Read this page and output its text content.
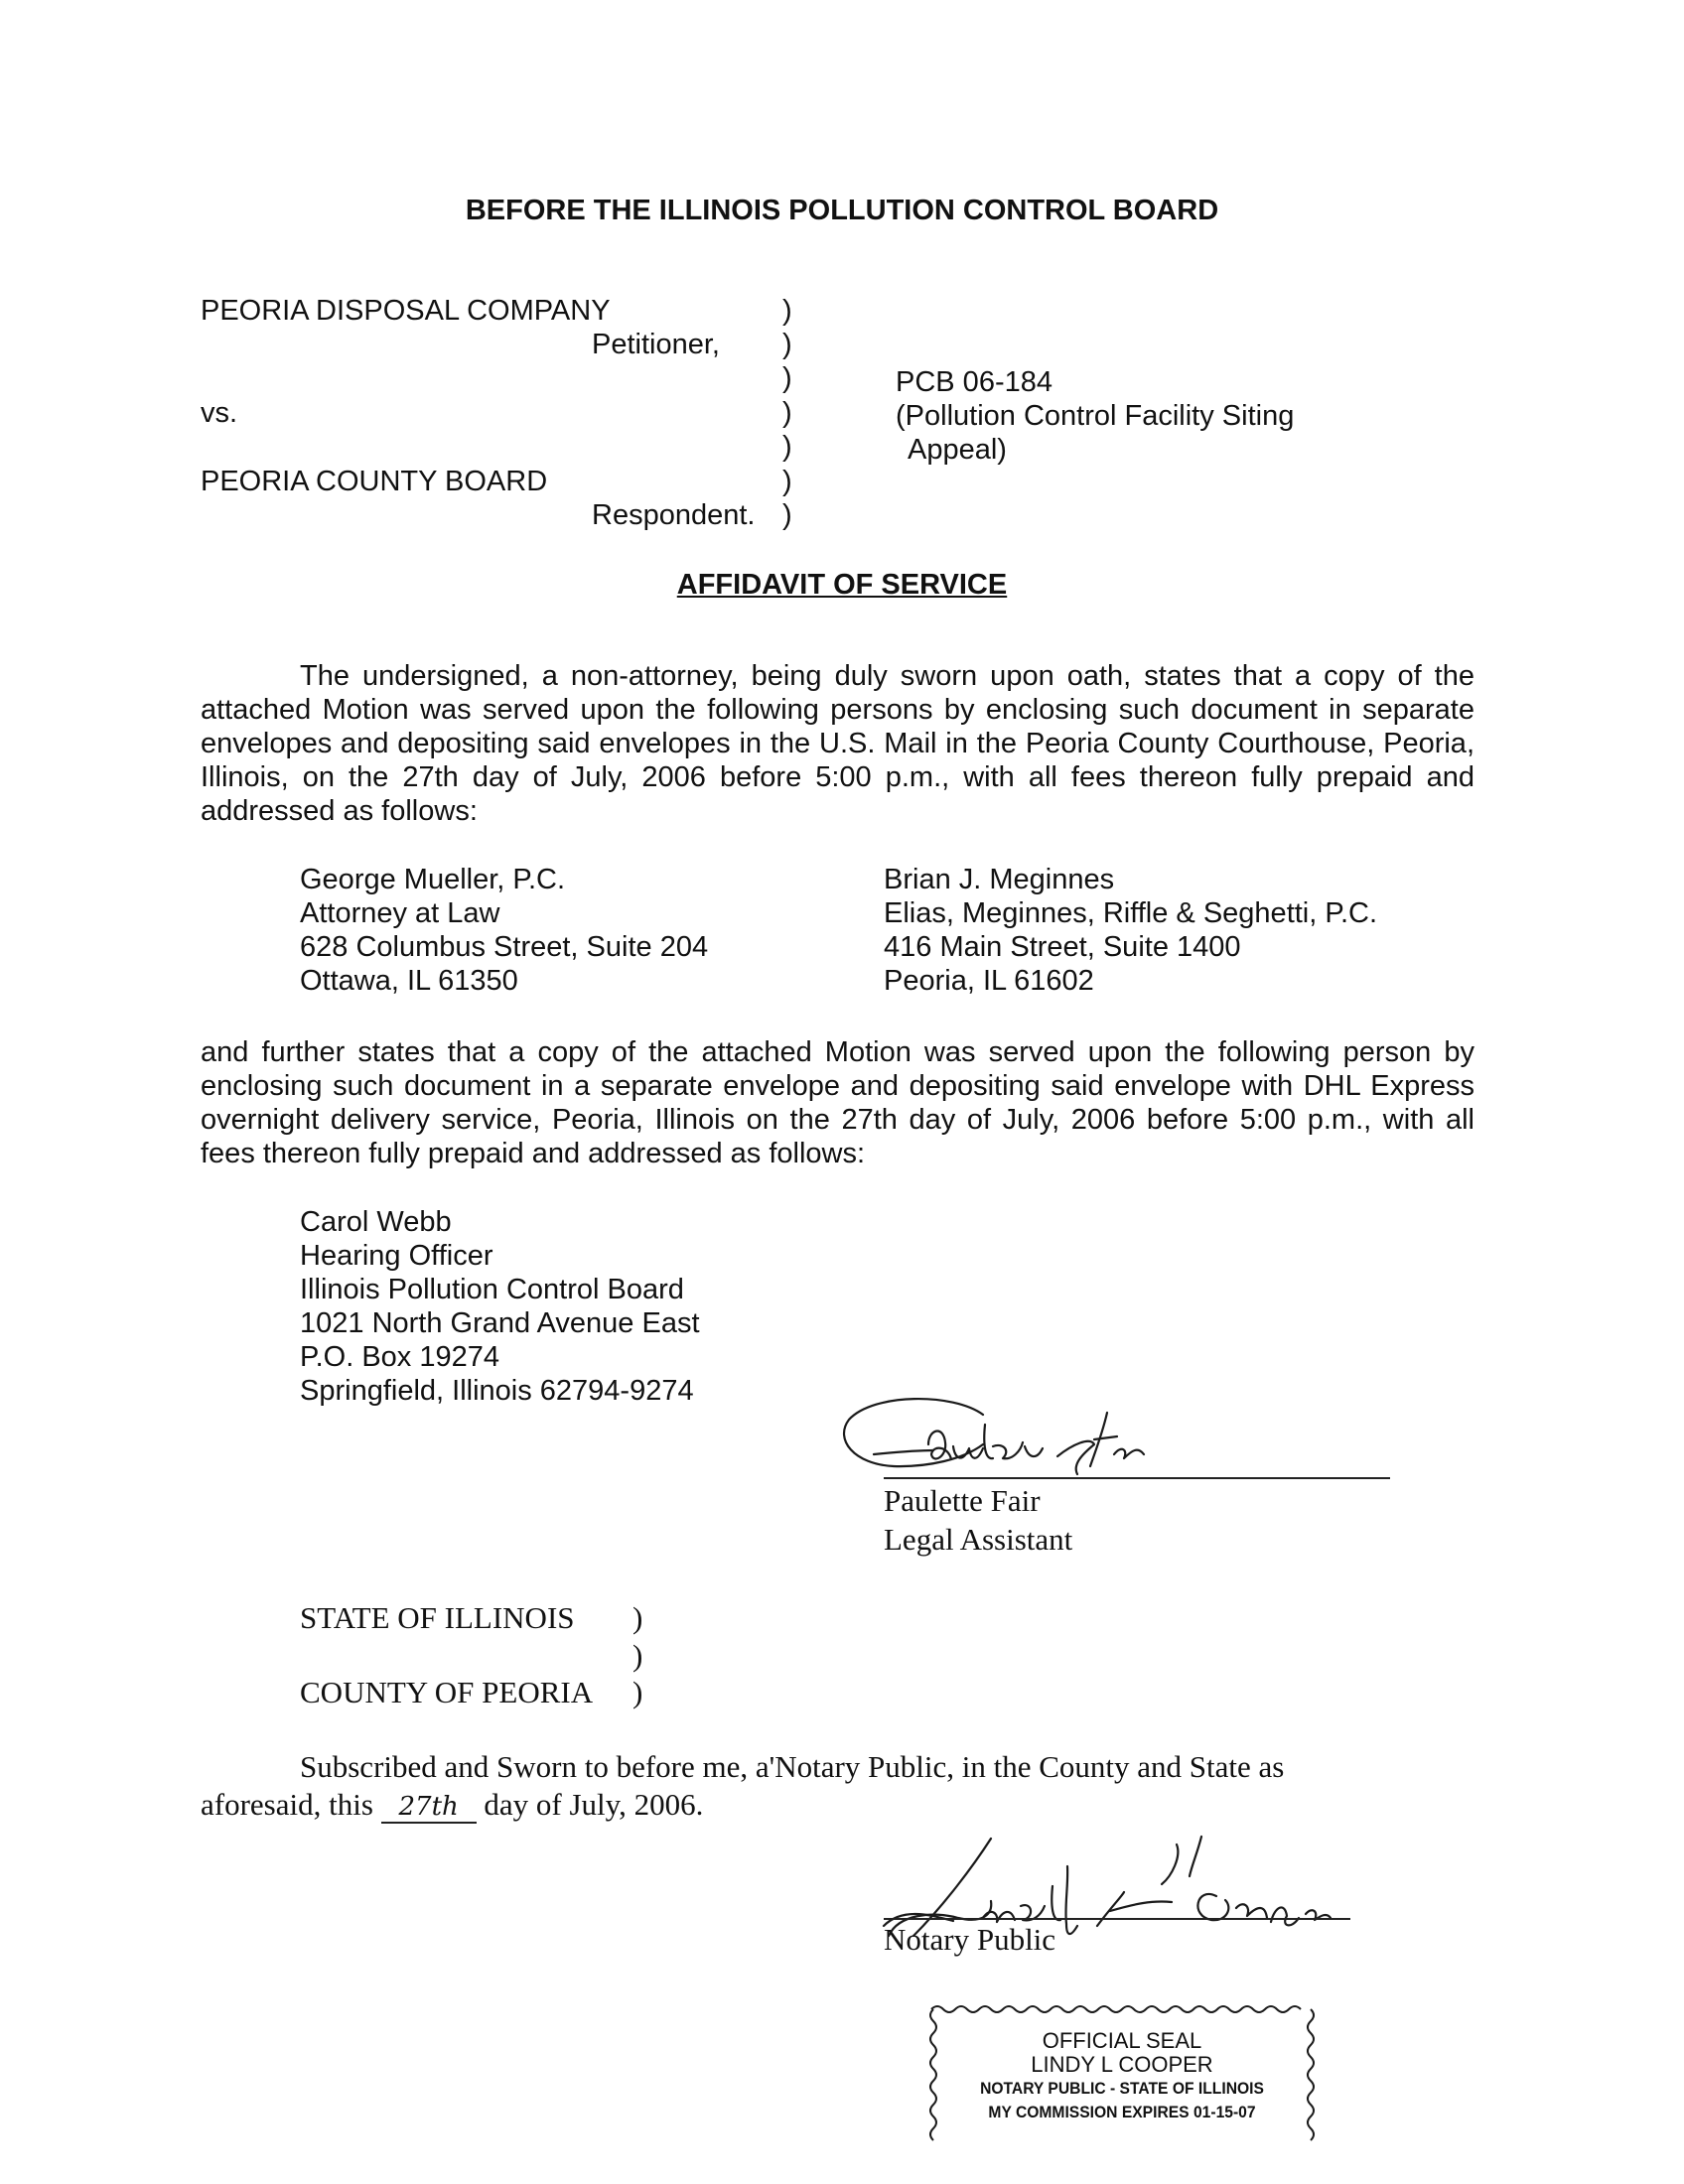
BEFORE THE ILLINOIS POLLUTION CONTROL BOARD
PEORIA DISPOSAL COMPANY
Petitioner,
vs.
PEORIA COUNTY BOARD
Respondent.
)
)
)
)
)
)
)
PCB 06-184
(Pollution Control Facility Siting
Appeal)
AFFIDAVIT OF SERVICE
The undersigned, a non-attorney, being duly sworn upon oath, states that a copy of the attached Motion was served upon the following persons by enclosing such document in separate envelopes and depositing said envelopes in the U.S. Mail in the Peoria County Courthouse, Peoria, Illinois, on the 27th day of July, 2006 before 5:00 p.m., with all fees thereon fully prepaid and addressed as follows:
George Mueller, P.C.
Attorney at Law
628 Columbus Street, Suite 204
Ottawa, IL 61350
Brian J. Meginnes
Elias, Meginnes, Riffle & Seghetti, P.C.
416 Main Street, Suite 1400
Peoria, IL 61602
and further states that a copy of the attached Motion was served upon the following person by enclosing such document in a separate envelope and depositing said envelope with DHL Express overnight delivery service, Peoria, Illinois on the 27th day of July, 2006 before 5:00 p.m., with all fees thereon fully prepaid and addressed as follows:
Carol Webb
Hearing Officer
Illinois Pollution Control Board
1021 North Grand Avenue East
P.O. Box 19274
Springfield, Illinois 62794-9274
Paulette Fair
Legal Assistant
STATE OF ILLINOIS
COUNTY OF PEORIA
)
)
)
Subscribed and Sworn to before me, a'Notary Public, in the County and State as
aforesaid, this 27th day of July, 2006.
Notary Public
OFFICIAL SEAL
LINDY L COOPER
NOTARY PUBLIC - STATE OF ILLINOIS
MY COMMISSION EXPIRES 01-15-07
